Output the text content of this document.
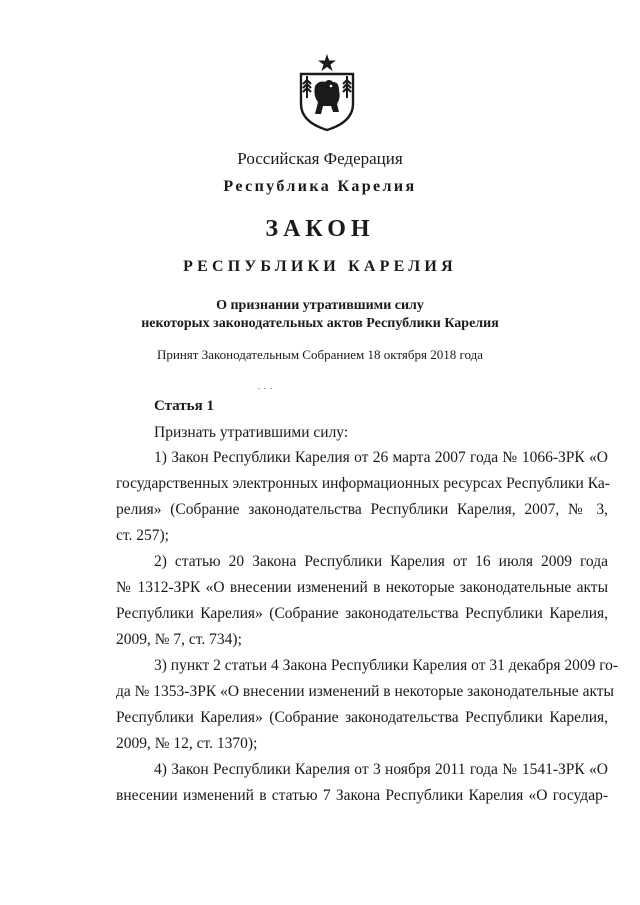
Российская Федерация
Республика Карелия
ЗАКОН
РЕСПУБЛИКИ КАРЕЛИЯ
О признании утратившими силу
некоторых законодательных актов Республики Карелия
Принят Законодательным Собранием 18 октября 2018 года
Статья 1
Признать утратившими силу:
1) Закон Республики Карелия от 26 марта 2007 года № 1066-ЗРК «О
государственных электронных информационных ресурсах Республики Ка-
релия» (Собрание законодательства Республики Карелия, 2007, № 3,
ст. 257);
2) статью 20 Закона Республики Карелия от 16 июля 2009 года
№ 1312-ЗРК «О внесении изменений в некоторые законодательные акты
Республики Карелия» (Собрание законодательства Республики Карелия,
2009, № 7, ст. 734);
3) пункт 2 статьи 4 Закона Республики Карелия от 31 декабря 2009 го-
да № 1353-ЗРК «О внесении изменений в некоторые законодательные акты
Республики Карелия» (Собрание законодательства Республики Карелия,
2009, № 12, ст. 1370);
4) Закон Республики Карелия от 3 ноября 2011 года № 1541-ЗРК «О
внесении изменений в статью 7 Закона Республики Карелия «О государ-
